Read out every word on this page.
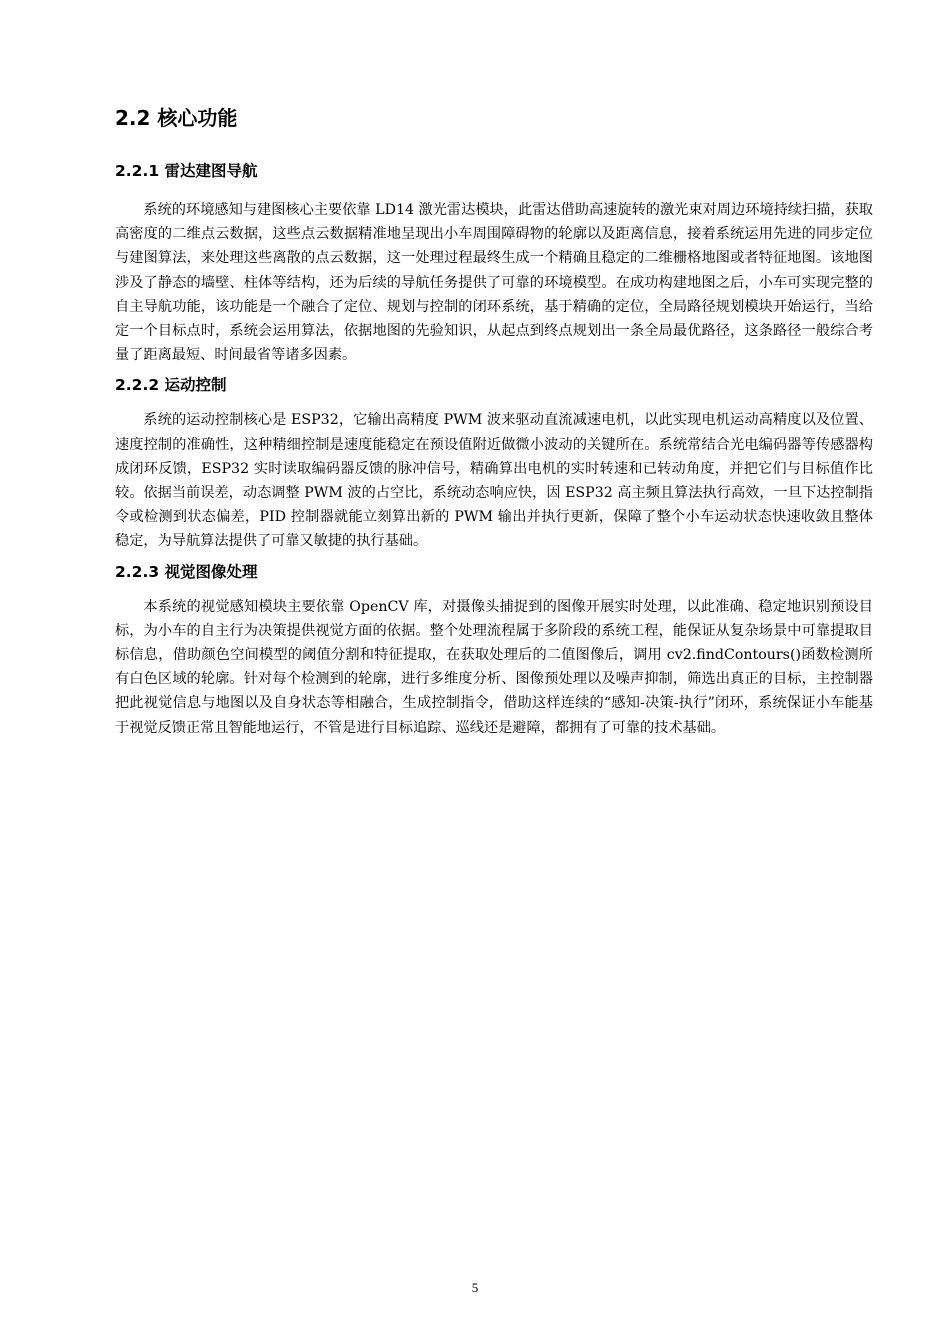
2.2 核心功能
2.2.1 雷达建图导航

系统的环境感知与建图核心主要依靠 LD14 激光雷达模块，此雷达借助高速旋转的激光束对周边环境持续扫描，获取高密度的二维点云数据，这些点云数据精准地呈现出小车周围障碍物的轮廓以及距离信息，接着系统运用先进的同步定位与建图算法，来处理这些离散的点云数据，这一处理过程最终生成一个精确且稳定的二维栅格地图或者特征地图。该地图涉及了静态的墙壁、柱体等结构，还为后续的导航任务提供了可靠的环境模型。在成功构建地图之后，小车可实现完整的自主导航功能，该功能是一个融合了定位、规划与控制的闭环系统，基于精确的定位，全局路径规划模块开始运行，当给定一个目标点时，系统会运用算法，依据地图的先验知识，从起点到终点规划出一条全局最优路径，这条路径一般综合考量了距离最短、时间最省等诸多因素。

2.2.2 运动控制

系统的运动控制核心是 ESP32，它输出高精度 PWM 波来驱动直流减速电机，以此实现电机运动高精度以及位置、速度控制的准确性，这种精细控制是速度能稳定在预设值附近做微小波动的关键所在。系统常结合光电编码器等传感器构成闭环反馈，ESP32 实时读取编码器反馈的脉冲信号，精确算出电机的实时转速和已转动角度，并把它们与目标值作比较。依据当前误差，动态调整 PWM 波的占空比，系统动态响应快，因 ESP32 高主频且算法执行高效，一旦下达控制指令或检测到状态偏差，PID 控制器就能立刻算出新的 PWM 输出并执行更新，保障了整个小车运动状态快速收敛且整体稳定，为导航算法提供了可靠又敏捷的执行基础。

2.2.3 视觉图像处理

本系统的视觉感知模块主要依靠 OpenCV 库，对摄像头捕捉到的图像开展实时处理，以此准确、稳定地识别预设目标，为小车的自主行为决策提供视觉方面的依据。整个处理流程属于多阶段的系统工程，能保证从复杂场景中可靠提取目标信息，借助颜色空间模型的阈值分割和特征提取，在获取处理后的二值图像后，调用 cv2.findContours()函数检测所有白色区域的轮廓。针对每个检测到的轮廓，进行多维度分析、图像预处理以及噪声抑制，筛选出真正的目标，主控制器把此视觉信息与地图以及自身状态等相融合，生成控制指令，借助这样连续的“感知-决策-执行”闭环，系统保证小车能基于视觉反馈正常且智能地运行，不管是进行目标追踪、巡线还是避障，都拥有了可靠的技术基础。

5
